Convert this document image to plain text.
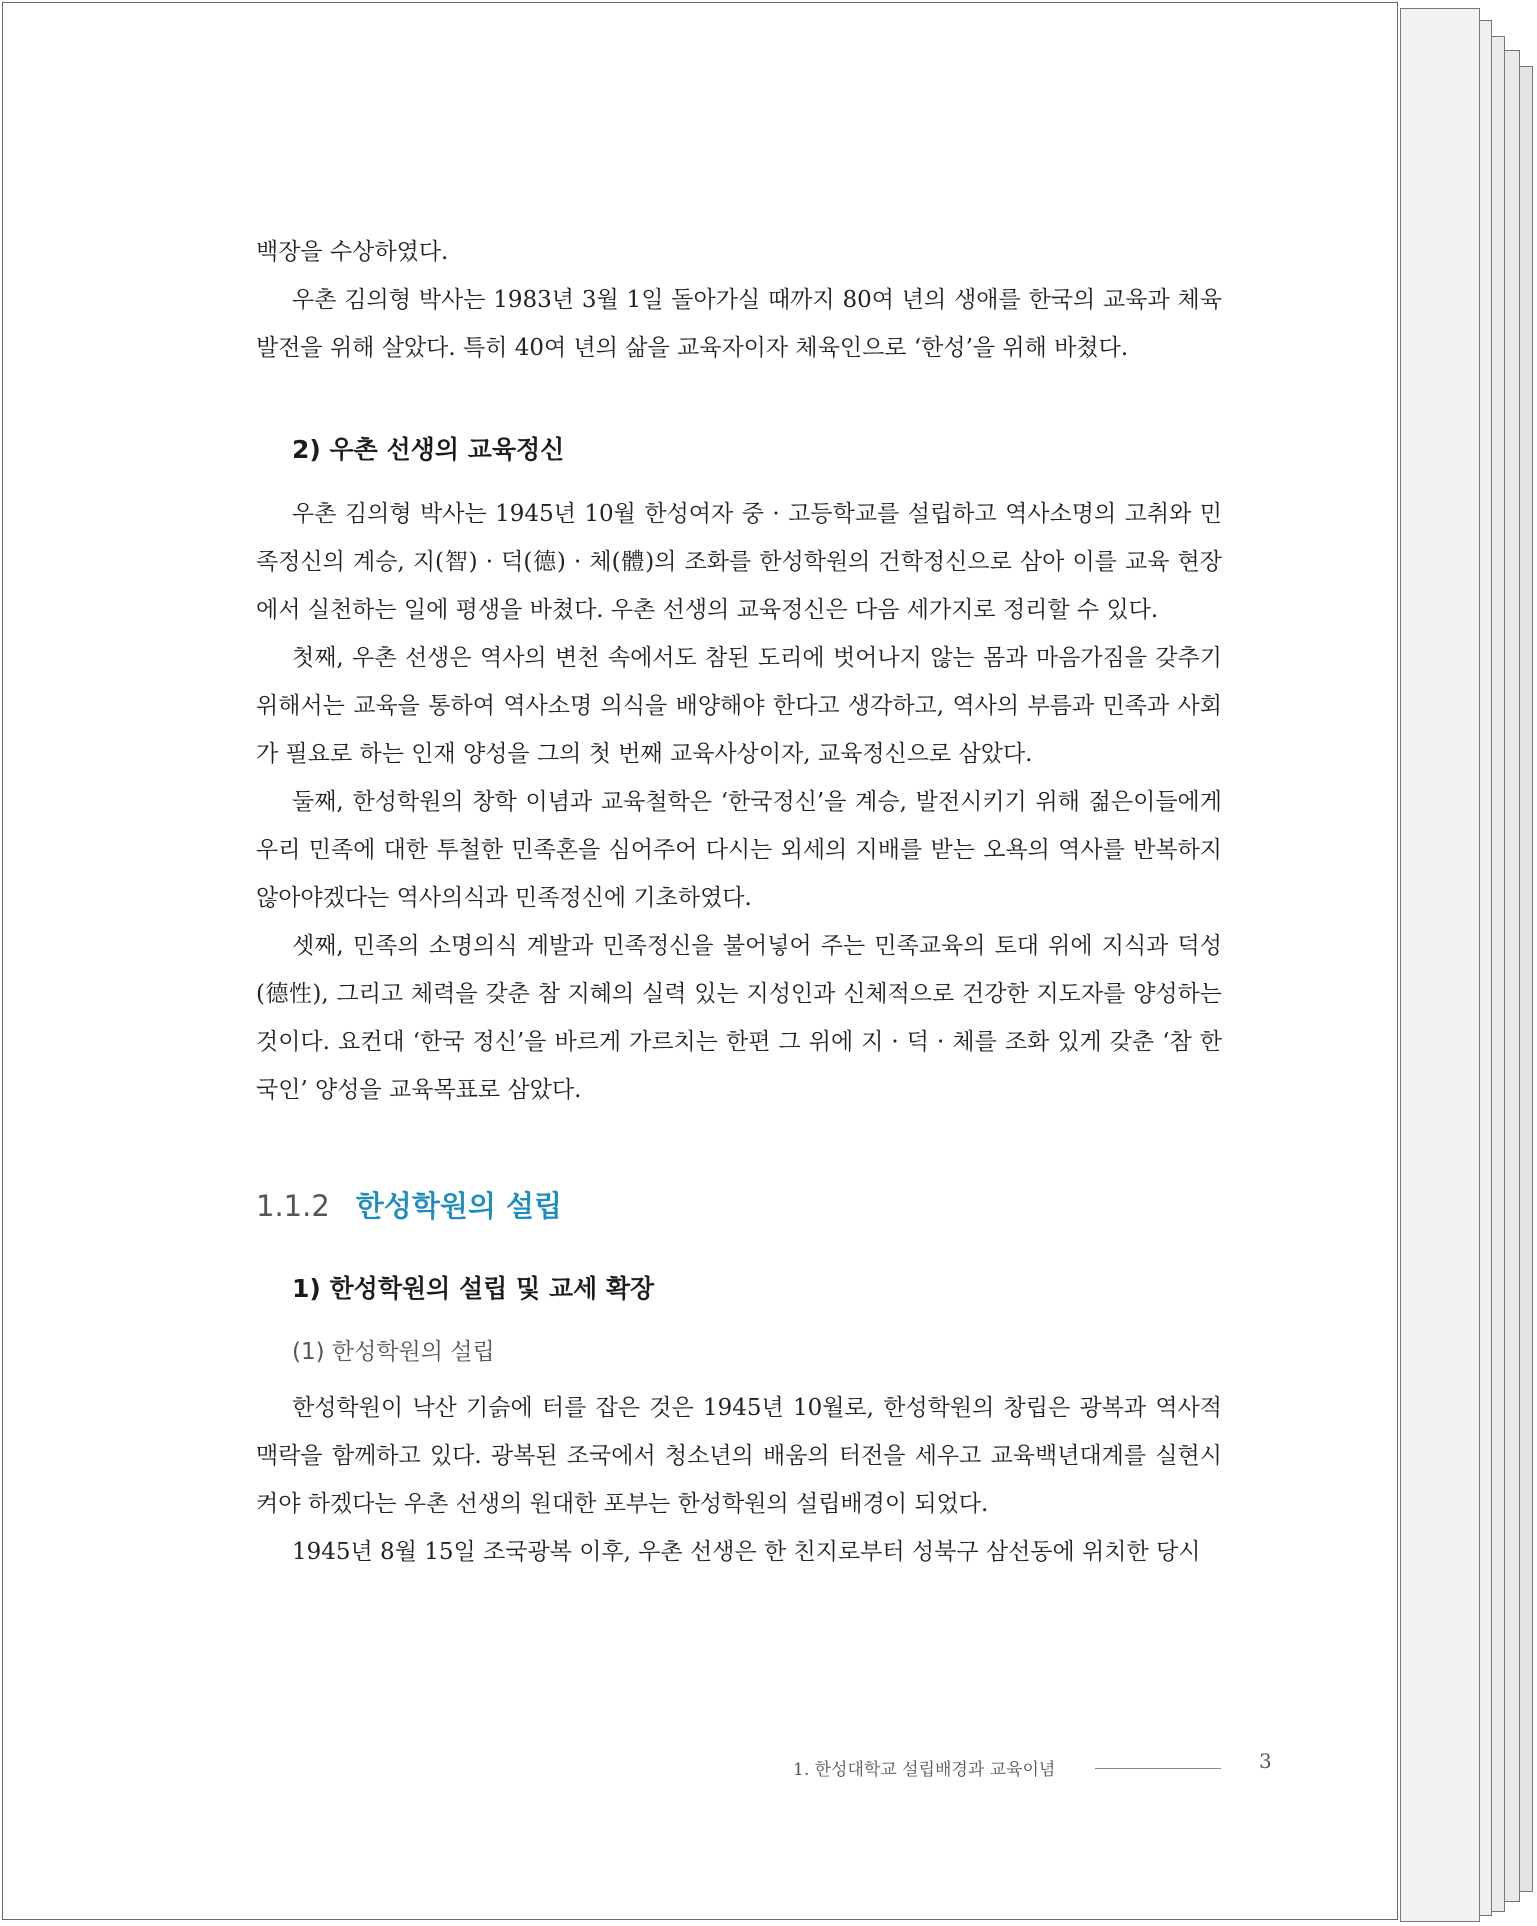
백장을 수상하였다.

우촌 김의형 박사는 1983년 3월 1일 돌아가실 때까지 80여 년의 생애를 한국의 교육과 체육 발전을 위해 살았다. 특히 40여 년의 삶을 교육자이자 체육인으로 ‘한성’을 위해 바쳤다.

2) 우촌 선생의 교육정신

우촌 김의형 박사는 1945년 10월 한성여자 중 · 고등학교를 설립하고 역사소명의 고취와 민족정신의 계승, 지(智) · 덕(德) · 체(體)의 조화를 한성학원의 건학정신으로 삼아 이를 교육 현장에서 실천하는 일에 평생을 바쳤다. 우촌 선생의 교육정신은 다음 세가지로 정리할 수 있다.

첫째, 우촌 선생은 역사의 변천 속에서도 참된 도리에 벗어나지 않는 몸과 마음가짐을 갖추기 위해서는 교육을 통하여 역사소명 의식을 배양해야 한다고 생각하고, 역사의 부름과 민족과 사회가 필요로 하는 인재 양성을 그의 첫 번째 교육사상이자, 교육정신으로 삼았다.

둘째, 한성학원의 창학 이념과 교육철학은 ‘한국정신’을 계승, 발전시키기 위해 젊은이들에게 우리 민족에 대한 투철한 민족혼을 심어주어 다시는 외세의 지배를 받는 오욕의 역사를 반복하지 않아야겠다는 역사의식과 민족정신에 기초하였다.

셋째, 민족의 소명의식 계발과 민족정신을 불어넣어 주는 민족교육의 토대 위에 지식과 덕성(德性), 그리고 체력을 갖춘 참 지혜의 실력 있는 지성인과 신체적으로 건강한 지도자를 양성하는 것이다. 요컨대 ‘한국 정신’을 바르게 가르치는 한편 그 위에 지 · 덕 · 체를 조화 있게 갖춘 ‘참 한국인’ 양성을 교육목표로 삼았다.

1.1.2 한성학원의 설립
1) 한성학원의 설립 및 교세 확장
(1) 한성학원의 설립

한성학원이 낙산 기슭에 터를 잡은 것은 1945년 10월로, 한성학원의 창립은 광복과 역사적 맥락을 함께하고 있다. 광복된 조국에서 청소년의 배움의 터전을 세우고 교육백년대계를 실현시켜야 하겠다는 우촌 선생의 원대한 포부는 한성학원의 설립배경이 되었다.

1945년 8월 15일 조국광복 이후, 우촌 선생은 한 친지로부터 성북구 삼선동에 위치한 당시

1. 한성대학교 설립배경과 교육이념	3
